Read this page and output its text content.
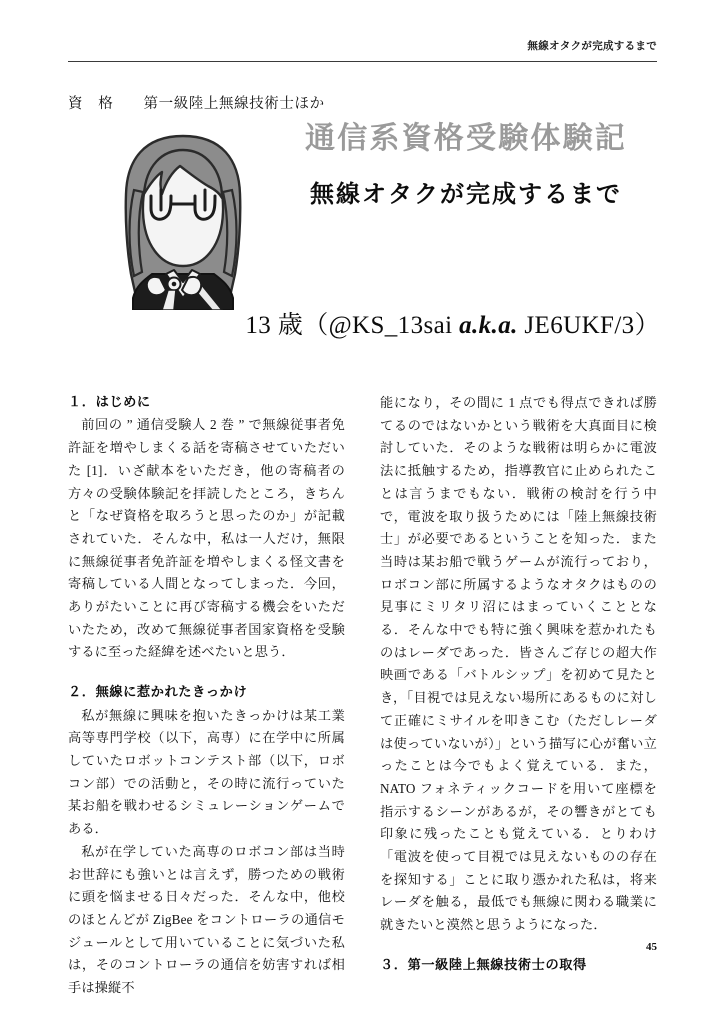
無線オタクが完成するまで
資　格　　第一級陸上無線技術士ほか
通信系資格受験体験記
無線オタクが完成するまで
13 歳（@KS_13sai a.k.a. JE6UKF/3）
１．はじめに

前回の ” 通信受験人 2 巻 ” で無線従事者免許証を増やしまくる話を寄稿させていただいた [1]．いざ献本をいただき，他の寄稿者の方々の受験体験記を拝読したところ，きちんと「なぜ資格を取ろうと思ったのか」が記載されていた．そんな中，私は一人だけ，無限に無線従事者免許証を増やしまくる怪文書を寄稿している人間となってしまった．今回，ありがたいことに再び寄稿する機会をいただいたため，改めて無線従事者国家資格を受験するに至った経緯を述べたいと思う．

２．無線に惹かれたきっかけ

私が無線に興味を抱いたきっかけは某工業高等専門学校（以下，高専）に在学中に所属していたロボットコンテスト部（以下，ロボコン部）での活動と，その時に流行っていた某お船を戦わせるシミュレーションゲームである．

私が在学していた高専のロボコン部は当時お世辞にも強いとは言えず，勝つための戦術に頭を悩ませる日々だった．そんな中，他校のほとんどが ZigBee をコントローラの通信モジュールとして用いていることに気づいた私は，そのコントローラの通信を妨害すれば相手は操縦不

能になり，その間に 1 点でも得点できれば勝てるのではないかという戦術を大真面目に検討していた．そのような戦術は明らかに電波法に抵触するため，指導教官に止められたことは言うまでもない．戦術の検討を行う中で，電波を取り扱うためには「陸上無線技術士」が必要であるということを知った．また当時は某お船で戦うゲームが流行っており，ロボコン部に所属するようなオタクはものの見事にミリタリ沼にはまっていくこととなる．そんな中でも特に強く興味を惹かれたものはレーダであった．皆さんご存じの超大作映画である「バトルシップ」を初めて見たとき，「目視では見えない場所にあるものに対して正確にミサイルを叩きこむ（ただしレーダは使っていないが）」という描写に心が奮い立ったことは今でもよく覚えている．また，NATO フォネティックコードを用いて座標を指示するシーンがあるが，その響きがとても印象に残ったことも覚えている．とりわけ「電波を使って目視では見えないものの存在を探知する」ことに取り憑かれた私は，将来レーダを触る，最低でも無線に関わる職業に就きたいと漠然と思うようになった．

３．第一級陸上無線技術士の取得
45
